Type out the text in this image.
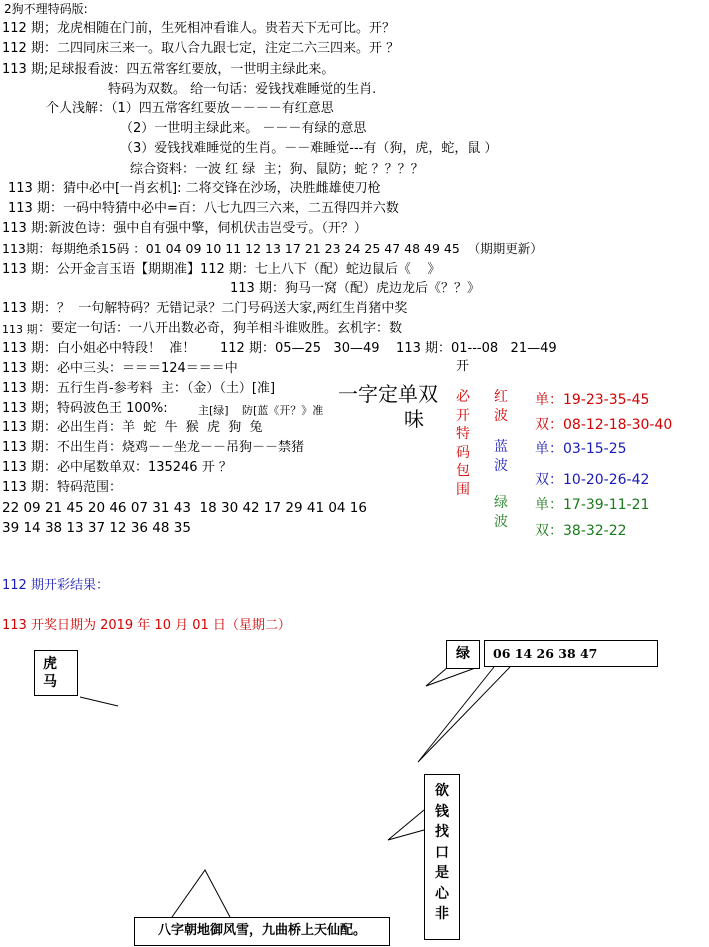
2狗不理特码版:
112 期；龙虎相随在门前，生死相冲看谁人。贵若天下无可比。开？
112 期：二四同床三来一。取八合九跟七定，注定二六三四来。开 ？
113 期;足球报看波：四五常客红要放，一世明主绿此来。
特码为双数。 给一句话：爱钱找难睡觉的生肖.
个人浅解：（1）四五常客红要放－－－－有红意思
（2）一世明主绿此来。 －－－有绿的意思
（3）爱钱找难睡觉的生肖。－－难睡觉---有（狗，虎，蛇，鼠 ）
综合资料：一波 红 绿  主；狗、鼠防；蛇 ？？？？
113 期：猜中必中[一肖玄机]: 二将交锋在沙场，决胜雌雄使刀枪
113 期：一码中特猜中必中=百：八七九四三六来，二五得四并六数
113 期:新波色诗：强中自有强中擎，伺机伏击岂受亏。（开？）
113期：每期绝杀15码 ：01 04 09 10 11 12 13 17 21 23 24 25 47 48 49 45  （期期更新）
113 期：公开金言玉语【期期准】112 期：七上八下（配）蛇边鼠后《    》
113 期：狗马一窝（配）虎边龙后《？？》
113 期：？  一句解特码？无错记录？二门号码送大家,两红生肖猪中奖
113 期 ：要定一句话：一八开出数必奇，狗羊相斗谁败胜。玄机字：数
113 期：白小姐必中特段！  准！      112 期：05—25   30—49    113 期：01---08   21—49
开
113 期：必中三头：＝＝＝124＝＝＝中
113 期：五行生肖-参考料  主：（金）（土）[准]
113 期；特码波色王 100%:	主[绿] 防[蓝《开？》准
113 期：必出生肖：羊  蛇  牛  猴  虎  狗  兔
113 期：不出生肖：烧鸡－－坐龙－－吊狗－－禁猪
113 期：必中尾数单双：135246 开 ？
113 期：特码范围：
22 09 21 45 20 46 07 31 43  18 30 42 17 29 41 04 16
39 14 38 13 37 12 36 48 35
一字定单双
味
必开特码包围
红波
蓝波
绿波
单：19-23-35-45
双：08-12-18-30-40
单：03-15-25
双：10-20-26-42
单：17-39-11-21
双：38-32-22
112 期开彩结果：
113 开奖日期为 2019 年 10 月 01 日（星期二）
虎马
绿	06 14 26 38 47
欲钱找口是心非
八字朝地御风雪，九曲桥上天仙配。
